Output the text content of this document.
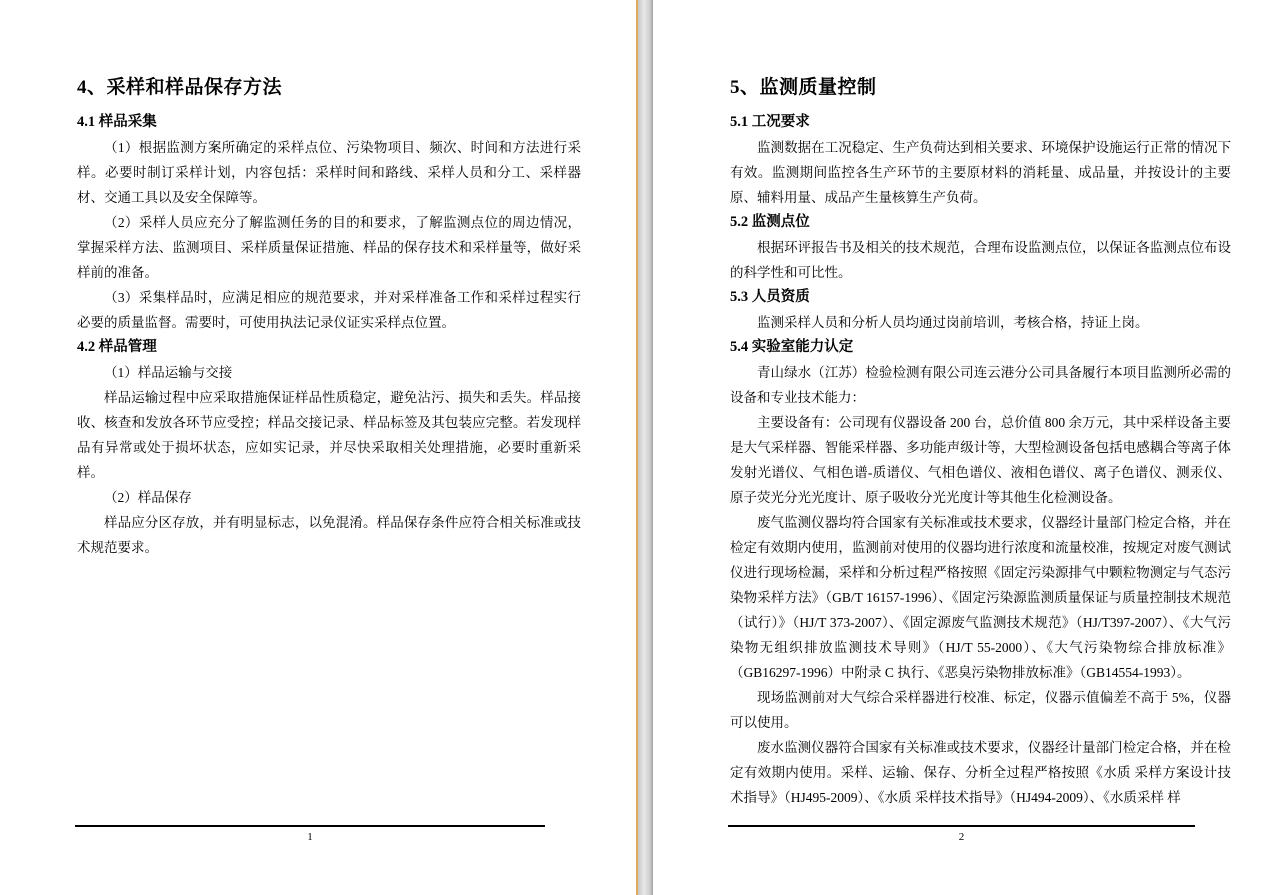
4、采样和样品保存方法
4.1 样品采集

（1）根据监测方案所确定的采样点位、污染物项目、频次、时间和方法进行采样。必要时制订采样计划，内容包括：采样时间和路线、采样人员和分工、采样器材、交通工具以及安全保障等。

（2）采样人员应充分了解监测任务的目的和要求，了解监测点位的周边情况，掌握采样方法、监测项目、采样质量保证措施、样品的保存技术和采样量等，做好采样前的准备。

（3）采集样品时，应满足相应的规范要求，并对采样准备工作和采样过程实行必要的质量监督。需要时，可使用执法记录仪证实采样点位置。

4.2 样品管理

（1）样品运输与交接

样品运输过程中应采取措施保证样品性质稳定，避免沾污、损失和丢失。样品接收、核查和发放各环节应受控；样品交接记录、样品标签及其包装应完整。若发现样品有异常或处于损坏状态，应如实记录，并尽快采取相关处理措施，必要时重新采样。

（2）样品保存

样品应分区存放，并有明显标志，以免混淆。样品保存条件应符合相关标准或技术规范要求。

1
5、监测质量控制
5.1 工况要求

监测数据在工况稳定、生产负荷达到相关要求、环境保护设施运行正常的情况下有效。监测期间监控各生产环节的主要原材料的消耗量、成品量，并按设计的主要原、辅料用量、成品产生量核算生产负荷。

5.2 监测点位

根据环评报告书及相关的技术规范，合理布设监测点位，以保证各监测点位布设的科学性和可比性。

5.3 人员资质

监测采样人员和分析人员均通过岗前培训，考核合格，持证上岗。

5.4 实验室能力认定

青山绿水（江苏）检验检测有限公司连云港分公司具备履行本项目监测所必需的设备和专业技术能力：

主要设备有：公司现有仪器设备 200 台，总价值 800 余万元，其中采样设备主要是大气采样器、智能采样器、多功能声级计等，大型检测设备包括电感耦合等离子体发射光谱仪、气相色谱-质谱仪、气相色谱仪、液相色谱仪、离子色谱仪、测汞仪、原子荧光分光光度计、原子吸收分光光度计等其他生化检测设备。

废气监测仪器均符合国家有关标准或技术要求，仪器经计量部门检定合格，并在检定有效期内使用，监测前对使用的仪器均进行浓度和流量校准，按规定对废气测试仪进行现场检漏，采样和分析过程严格按照《固定污染源排气中颗粒物测定与气态污染物采样方法》（GB/T 16157-1996）、《固定污染源监测质量保证与质量控制技术规范（试行）》（HJ/T 373-2007）、《固定源废气监测技术规范》（HJ/T397-2007）、《大气污染物无组织排放监测技术导则》（HJ/T 55-2000）、《大气污染物综合排放标准》（GB16297-1996）中附录 C 执行、《恶臭污染物排放标准》（GB14554-1993）。

现场监测前对大气综合采样器进行校准、标定，仪器示值偏差不高于 5%，仪器可以使用。

废水监测仪器符合国家有关标准或技术要求，仪器经计量部门检定合格，并在检定有效期内使用。采样、运输、保存、分析全过程严格按照《水质 采样方案设计技术指导》（HJ495-2009）、《水质 采样技术指导》（HJ494-2009）、《水质采样 样

2
